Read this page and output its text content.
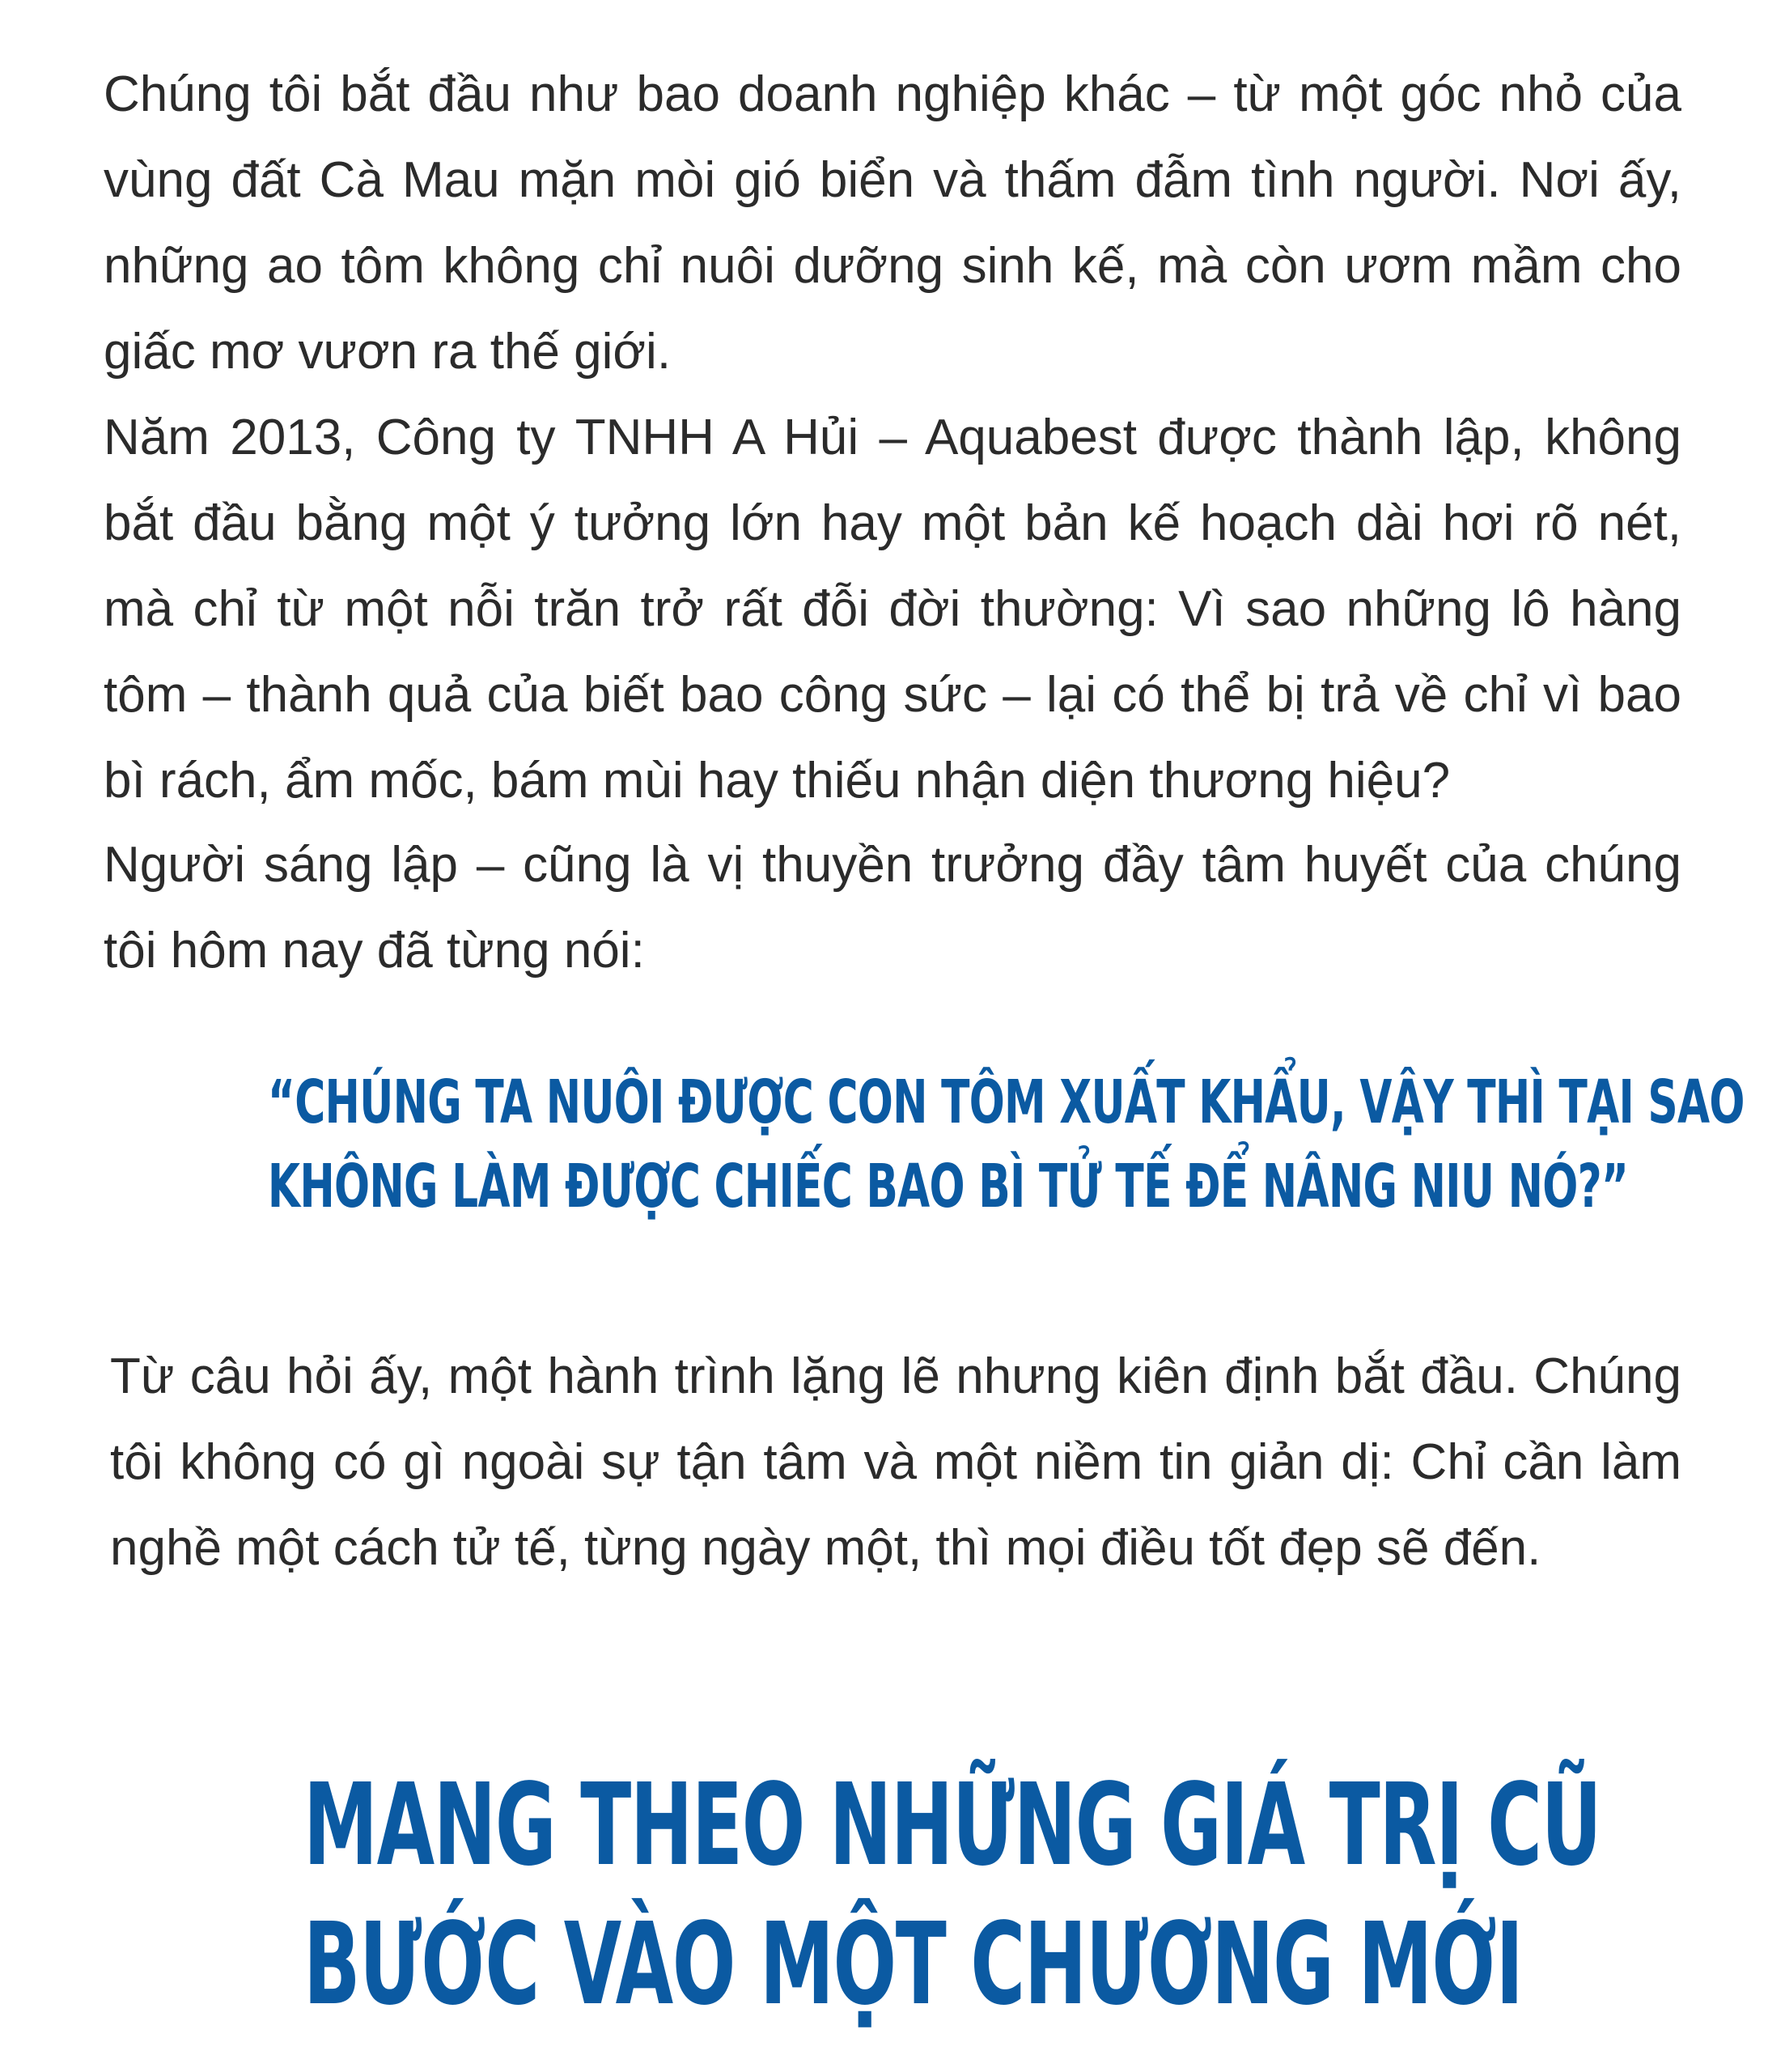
Chúng tôi bắt đầu như bao doanh nghiệp khác – từ một góc nhỏ của vùng đất Cà Mau mặn mòi gió biển và thấm đẫm tình người. Nơi ấy, những ao tôm không chỉ nuôi dưỡng sinh kế, mà còn ươm mầm cho giấc mơ vươn ra thế giới.

Năm 2013, Công ty TNHH A Hủi – Aquabest được thành lập, không bắt đầu bằng một ý tưởng lớn hay một bản kế hoạch dài hơi rõ nét, mà chỉ từ một nỗi trăn trở rất đỗi đời thường: Vì sao những lô hàng tôm – thành quả của biết bao công sức – lại có thể bị trả về chỉ vì bao bì rách, ẩm mốc, bám mùi hay thiếu nhận diện thương hiệu?

Người sáng lập – cũng là vị thuyền trưởng đầy tâm huyết của chúng tôi hôm nay đã từng nói:

“CHÚNG TA NUÔI ĐƯỢC CON TÔM XUẤT KHẨU, VẬY THÌ TẠI SAO
KHÔNG LÀM ĐƯỢC CHIẾC BAO BÌ TỬ TẾ ĐỂ NÂNG NIU NÓ?”

Từ câu hỏi ấy, một hành trình lặng lẽ nhưng kiên định bắt đầu. Chúng tôi không có gì ngoài sự tận tâm và một niềm tin giản dị: Chỉ cần làm nghề một cách tử tế, từng ngày một, thì mọi điều tốt đẹp sẽ đến.

MANG THEO NHỮNG GIÁ TRỊ CŨ
BƯỚC VÀO MỘT CHƯƠNG MỚI
